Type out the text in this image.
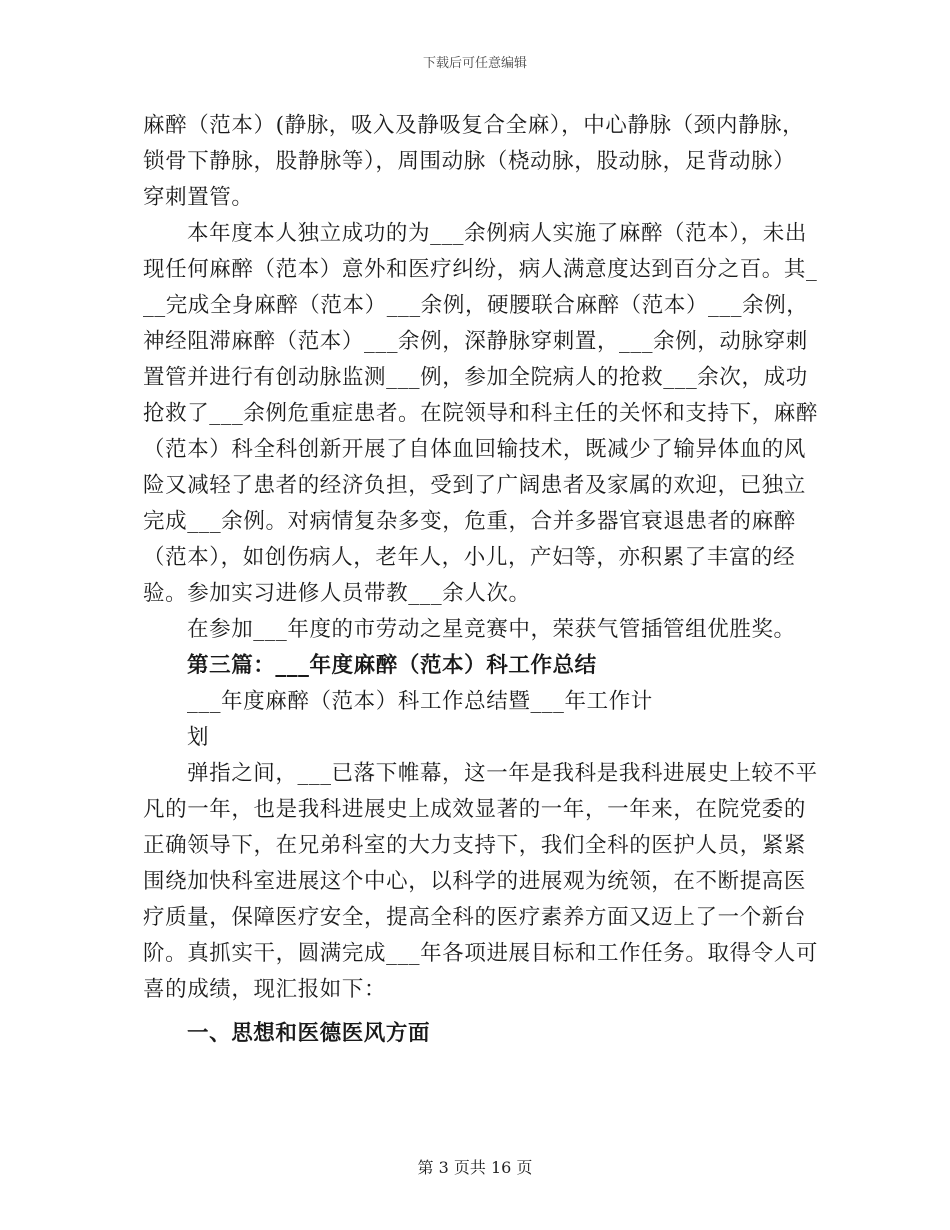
下载后可任意编辑
麻醉（范本）(静脉，吸入及静吸复合全麻），中心静脉（颈内静脉，
锁骨下静脉，股静脉等），周围动脉（桡动脉，股动脉，足背动脉）
穿刺置管。
本年度本人独立成功的为___余例病人实施了麻醉（范本），未出
现任何麻醉（范本）意外和医疗纠纷，病人满意度达到百分之百。其_
__完成全身麻醉（范本）___余例，硬腰联合麻醉（范本）___余例，
神经阻滞麻醉（范本）___余例，深静脉穿刺置，___余例，动脉穿刺
置管并进行有创动脉监测___例，参加全院病人的抢救___余次，成功
抢救了___余例危重症患者。在院领导和科主任的关怀和支持下，麻醉
（范本）科全科创新开展了自体血回输技术，既减少了输异体血的风
险又减轻了患者的经济负担，受到了广阔患者及家属的欢迎，已独立
完成___余例。对病情复杂多变，危重，合并多器官衰退患者的麻醉
（范本），如创伤病人，老年人，小儿，产妇等，亦积累了丰富的经
验。参加实习进修人员带教___余人次。
在参加___年度的市劳动之星竞赛中，荣获气管插管组优胜奖。
第三篇：___年度麻醉（范本）科工作总结
___年度麻醉（范本）科工作总结暨___年工作计
划
弹指之间，___已落下帷幕，这一年是我科是我科进展史上较不平
凡的一年，也是我科进展史上成效显著的一年，一年来，在院党委的
正确领导下，在兄弟科室的大力支持下，我们全科的医护人员，紧紧
围绕加快科室进展这个中心，以科学的进展观为统领，在不断提高医
疗质量，保障医疗安全，提高全科的医疗素养方面又迈上了一个新台
阶。真抓实干，圆满完成___年各项进展目标和工作任务。取得令人可
喜的成绩，现汇报如下：
一、思想和医德医风方面
第 3 页共 16 页
